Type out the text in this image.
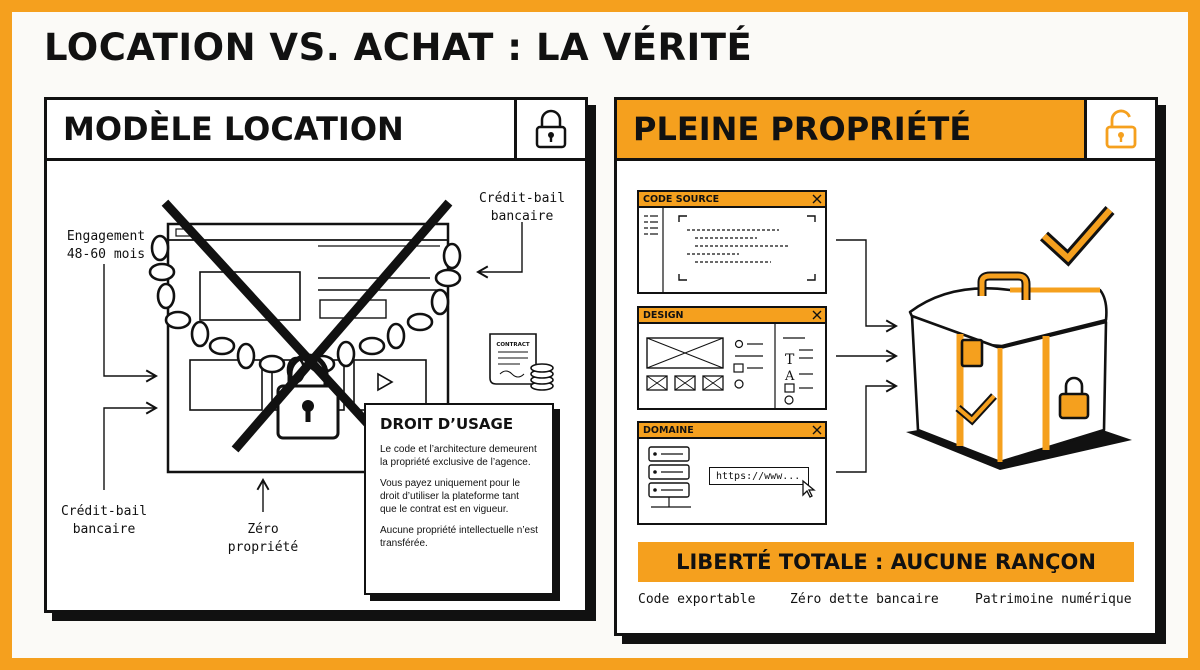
LOCATION VS. ACHAT : LA VÉRITÉ
MODÈLE LOCATION
CONTRACT
Engagement
48-60 mois
Crédit-bail
bancaire
Crédit-bail
bancaire	Zéro
propriété
DROIT D’USAGE

Le code et l’architecture demeurent la propriété exclusive de l’agence.

Vous payez uniquement pour le droit d’utiliser la plateforme tant que le contrat est en vigueur.

Aucune propriété intellectuelle n’est transférée.

PLEINE PROPRIÉTÉ
CODE SOURCE
DESIGN
T
A
DOMAINE
https://www...
LIBERTÉ TOTALE : AUCUNE RANÇON
Code exportable	Zéro dette bancaire	Patrimoine numérique
